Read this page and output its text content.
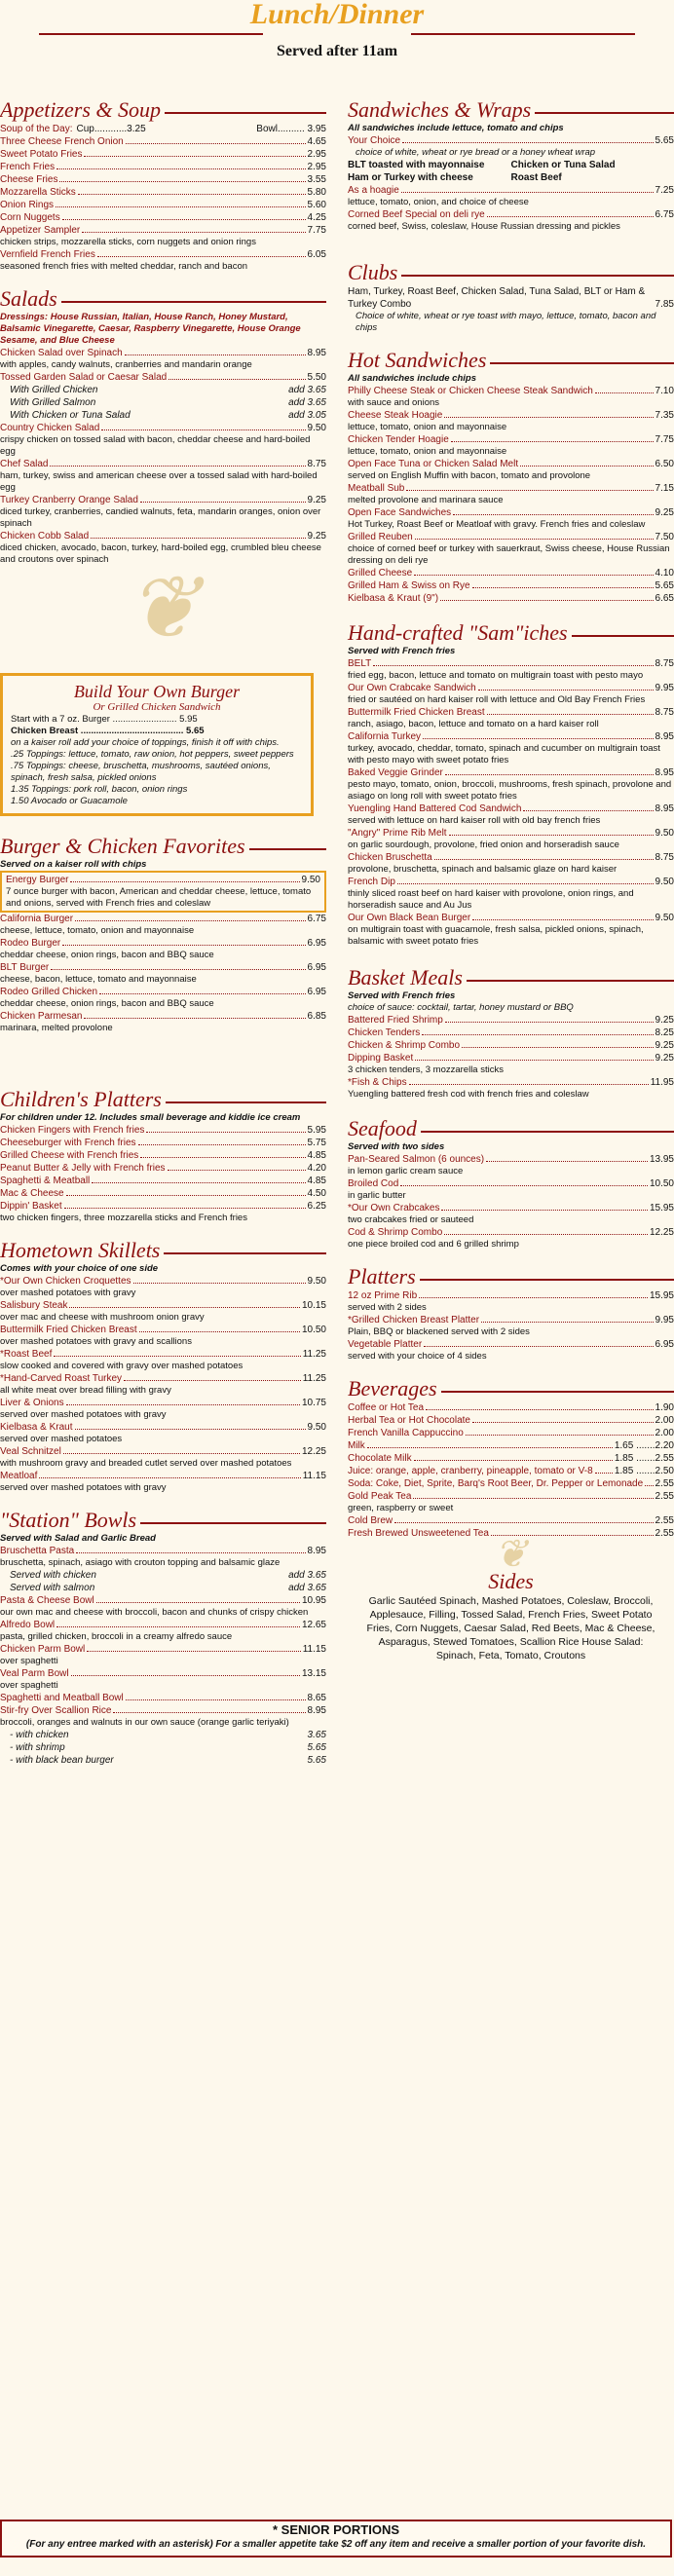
Lunch/Dinner
Served after 11am
Appetizers & Soup
Soup of the Day: Cup............3.25	Bowl.......... 3.95
Three Cheese French Onion	4.65
Sweet Potato Fries	2.95
French Fries	2.95
Cheese Fries	3.55
Mozzarella Sticks	5.80
Onion Rings	5.60
Corn Nuggets	4.25
Appetizer Sampler	7.75
chicken strips, mozzarella sticks, corn nuggets and onion rings
Vernfield French Fries	6.05
seasoned french fries with melted cheddar, ranch and bacon
Salads
Dressings: House Russian, Italian, House Ranch, Honey Mustard, Balsamic Vinegarette, Caesar, Raspberry Vinegarette, House Orange Sesame, and Blue Cheese
Chicken Salad over Spinach	8.95
with apples, candy walnuts, cranberries and mandarin orange
Tossed Garden Salad or Caesar Salad	5.50
With Grilled Chicken	add 3.65
With Grilled Salmon	add 3.65
With Chicken or Tuna Salad	add 3.05
Country Chicken Salad	9.50
crispy chicken on tossed salad with bacon, cheddar cheese and hard-boiled egg
Chef Salad	8.75
ham, turkey, swiss and american cheese over a tossed salad with hard-boiled egg
Turkey Cranberry Orange Salad	9.25
diced turkey, cranberries, candied walnuts, feta, mandarin oranges, onion over spinach
Chicken Cobb Salad	9.25
diced chicken, avocado, bacon, turkey, hard-boiled egg, crumbled bleu cheese and croutons over spinach
❦
Build Your Own Burger
Or Grilled Chicken Sandwich
Start with a 7 oz. Burger ......................... 5.95
Chicken Breast ........................................ 5.65
on a kaiser roll add your choice of toppings, finish it off with chips.
.25 Toppings: lettuce, tomato, raw onion, hot peppers, sweet peppers
.75 Toppings: cheese, bruschetta, mushrooms, sautéed onions, spinach, fresh salsa, pickled onions
1.35 Toppings: pork roll, bacon, onion rings
1.50 Avocado or Guacamole
Burger & Chicken Favorites
Served on a kaiser roll with chips
Energy Burger	9.50
7 ounce burger with bacon, American and cheddar cheese, lettuce, tomato and onions, served with French fries and coleslaw
California Burger	6.75
cheese, lettuce, tomato, onion and mayonnaise
Rodeo Burger	6.95
cheddar cheese, onion rings, bacon and BBQ sauce
BLT Burger	6.95
cheese, bacon, lettuce, tomato and mayonnaise
Rodeo Grilled Chicken	6.95
cheddar cheese, onion rings, bacon and BBQ sauce
Chicken Parmesan	6.85
marinara, melted provolone
Children's Platters
For children under 12. Includes small beverage and kiddie ice cream
Chicken Fingers with French fries	5.95
Cheeseburger with French fries	5.75
Grilled Cheese with French fries	4.85
Peanut Butter & Jelly with French fries	4.20
Spaghetti & Meatball	4.85
Mac & Cheese	4.50
Dippin' Basket	6.25
two chicken fingers, three mozzarella sticks and French fries
Hometown Skillets
Comes with your choice of one side
*Our Own Chicken Croquettes	9.50
over mashed potatoes with gravy
Salisbury Steak	10.15
over mac and cheese with mushroom onion gravy
Buttermilk Fried Chicken Breast	10.50
over mashed potatoes with gravy and scallions
*Roast Beef	11.25
slow cooked and covered with gravy over mashed potatoes
*Hand-Carved Roast Turkey	11.25
all white meat over bread filling with gravy
Liver & Onions	10.75
served over mashed potatoes with gravy
Kielbasa & Kraut	9.50
served over mashed potatoes
Veal Schnitzel	12.25
with mushroom gravy and breaded cutlet served over mashed potatoes
Meatloaf	11.15
served over mashed potatoes with gravy
"Station" Bowls
Served with Salad and Garlic Bread
Bruschetta Pasta	8.95
bruschetta, spinach, asiago with crouton topping and balsamic glaze
Served with chicken	add 3.65
Served with salmon	add 3.65
Pasta & Cheese Bowl	10.95
our own mac and cheese with broccoli, bacon and chunks of crispy chicken
Alfredo Bowl	12.65
pasta, grilled chicken, broccoli in a creamy alfredo sauce
Chicken Parm Bowl	11.15
over spaghetti
Veal Parm Bowl	13.15
over spaghetti
Spaghetti and Meatball Bowl	8.65
Stir-fry Over Scallion Rice	8.95
broccoli, oranges and walnuts in our own sauce (orange garlic teriyaki)
- with chicken	3.65
- with shrimp	5.65
- with black bean burger	5.65
Sandwiches & Wraps
All sandwiches include lettuce, tomato and chips
Your Choice	5.65
choice of white, wheat or rye bread or a honey wheat wrap
BLT toasted with mayonnaise	Chicken or Tuna Salad
Ham or Turkey with cheese	Roast Beef
As a hoagie	7.25
lettuce, tomato, onion, and choice of cheese
Corned Beef Special on deli rye	6.75
corned beef, Swiss, coleslaw, House Russian dressing and pickles
Clubs
Ham, Turkey, Roast Beef, Chicken Salad, Tuna Salad, BLT or Ham & Turkey Combo	7.85
Choice of white, wheat or rye toast with mayo, lettuce, tomato, bacon and chips
Hot Sandwiches
All sandwiches include chips
Philly Cheese Steak or Chicken Cheese Steak Sandwich	7.10
with sauce and onions
Cheese Steak Hoagie	7.35
lettuce, tomato, onion and mayonnaise
Chicken Tender Hoagie	7.75
lettuce, tomato, onion and mayonnaise
Open Face Tuna or Chicken Salad Melt	6.50
served on English Muffin with bacon, tomato and provolone
Meatball Sub	7.15
melted provolone and marinara sauce
Open Face Sandwiches	9.25
Hot Turkey, Roast Beef or Meatloaf with gravy. French fries and coleslaw
Grilled Reuben	7.50
choice of corned beef or turkey with sauerkraut, Swiss cheese, House Russian dressing on deli rye
Grilled Cheese	4.10
Grilled Ham & Swiss on Rye	5.65
Kielbasa & Kraut (9")	6.65
Hand-crafted "Sam"iches
Served with French fries
BELT	8.75
fried egg, bacon, lettuce and tomato on multigrain toast with pesto mayo
Our Own Crabcake Sandwich	9.95
fried or sautéed on hard kaiser roll with lettuce and Old Bay French Fries
Buttermilk Fried Chicken Breast	8.75
ranch, asiago, bacon, lettuce and tomato on a hard kaiser roll
California Turkey	8.95
turkey, avocado, cheddar, tomato, spinach and cucumber on multigrain toast with pesto mayo with sweet potato fries
Baked Veggie Grinder	8.95
pesto mayo, tomato, onion, broccoli, mushrooms, fresh spinach, provolone and asiago on long roll with sweet potato fries
Yuengling Hand Battered Cod Sandwich	8.95
served with lettuce on hard kaiser roll with old bay french fries
"Angry" Prime Rib Melt	9.50
on garlic sourdough, provolone, fried onion and horseradish sauce
Chicken Bruschetta	8.75
provolone, bruschetta, spinach and balsamic glaze on hard kaiser
French Dip	9.50
thinly sliced roast beef on hard kaiser with provolone, onion rings, and horseradish sauce and Au Jus
Our Own Black Bean Burger	9.50
on multigrain toast with guacamole, fresh salsa, pickled onions, spinach, balsamic with sweet potato fries
Basket Meals
Served with French fries
choice of sauce: cocktail, tartar, honey mustard or BBQ
Battered Fried Shrimp	9.25
Chicken Tenders	8.25
Chicken & Shrimp Combo	9.25
Dipping Basket	9.25
3 chicken tenders, 3 mozzarella sticks
*Fish & Chips	11.95
Yuengling battered fresh cod with french fries and coleslaw
Seafood
Served with two sides
Pan-Seared Salmon (6 ounces)	13.95
in lemon garlic cream sauce
Broiled Cod	10.50
in garlic butter
*Our Own Crabcakes	15.95
two crabcakes fried or sauteed
Cod & Shrimp Combo	12.25
one piece broiled cod and 6 grilled shrimp
Platters
12 oz Prime Rib	15.95
served with 2 sides
*Grilled Chicken Breast Platter	9.95
Plain, BBQ or blackened served with 2 sides
Vegetable Platter	6.95
served with your choice of 4 sides
Beverages
Coffee or Hot Tea	1.90
Herbal Tea or Hot Chocolate	2.00
French Vanilla Cappuccino	2.00
Milk	1.65 .......2.20
Chocolate Milk	1.85 .......2.55
Juice: orange, apple, cranberry, pineapple, tomato or V-8 1.85 .......2.50
Soda: Coke, Diet, Sprite, Barq's Root Beer, Dr. Pepper or Lemonade 2.55
Gold Peak Tea	2.55
green, raspberry or sweet
Cold Brew	2.55
Fresh Brewed Unsweetened Tea	2.55
❦
Sides
Garlic Sautéed Spinach, Mashed Potatoes, Coleslaw, Broccoli, Applesauce, Filling, Tossed Salad, French Fries, Sweet Potato Fries, Corn Nuggets, Caesar Salad, Red Beets, Mac & Cheese, Asparagus, Stewed Tomatoes, Scallion Rice House Salad: Spinach, Feta, Tomato, Croutons
* SENIOR PORTIONS
(For any entree marked with an asterisk) For a smaller appetite take $2 off any item and receive a smaller portion of your favorite dish.
